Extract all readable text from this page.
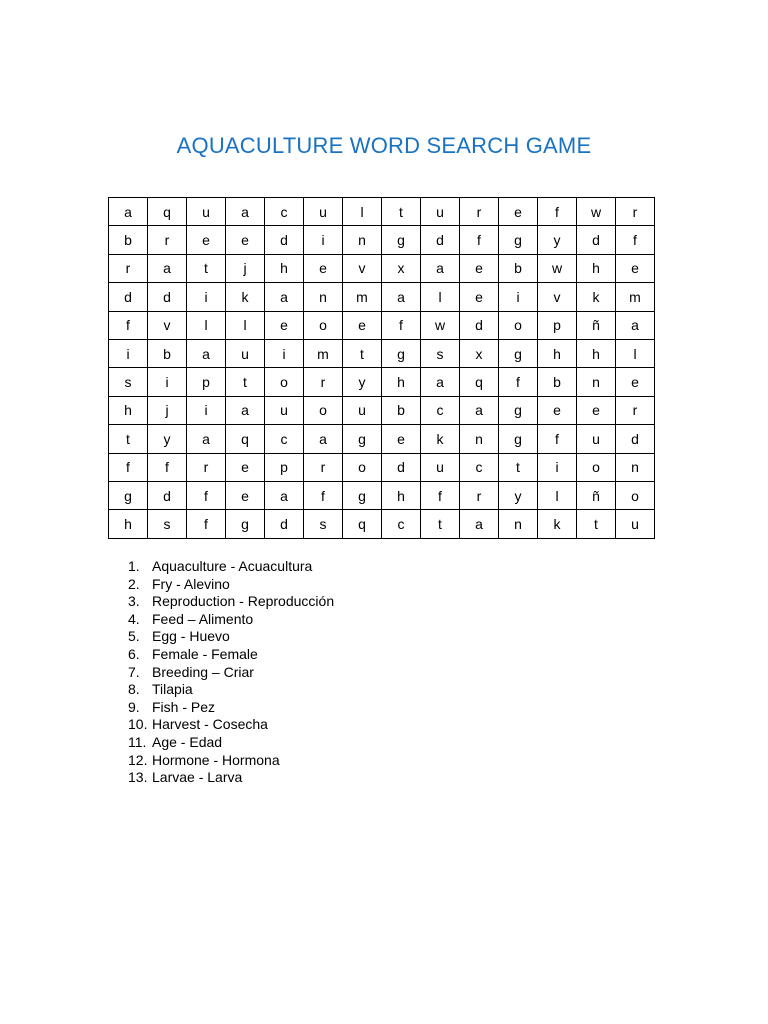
AQUACULTURE WORD SEARCH GAME
a	q	u	a	c	u	l	t	u	r	e	f	w	r
b	r	e	e	d	i	n	g	d	f	g	y	d	f
r	a	t	j	h	e	v	x	a	e	b	w	h	e
d	d	i	k	a	n	m	a	l	e	i	v	k	m
f	v	l	l	e	o	e	f	w	d	o	p	ñ	a
i	b	a	u	i	m	t	g	s	x	g	h	h	l
s	i	p	t	o	r	y	h	a	q	f	b	n	e
h	j	i	a	u	o	u	b	c	a	g	e	e	r
t	y	a	q	c	a	g	e	k	n	g	f	u	d
f	f	r	e	p	r	o	d	u	c	t	i	o	n
g	d	f	e	a	f	g	h	f	r	y	l	ñ	o
h	s	f	g	d	s	q	c	t	a	n	k	t	u
1. Aquaculture - Acuacultura
2. Fry - Alevino
3. Reproduction - Reproducción
4. Feed – Alimento
5. Egg - Huevo
6. Female - Female
7. Breeding – Criar
8. Tilapia
9. Fish - Pez
10. Harvest - Cosecha
11. Age - Edad
12. Hormone - Hormona
13. Larvae - Larva
